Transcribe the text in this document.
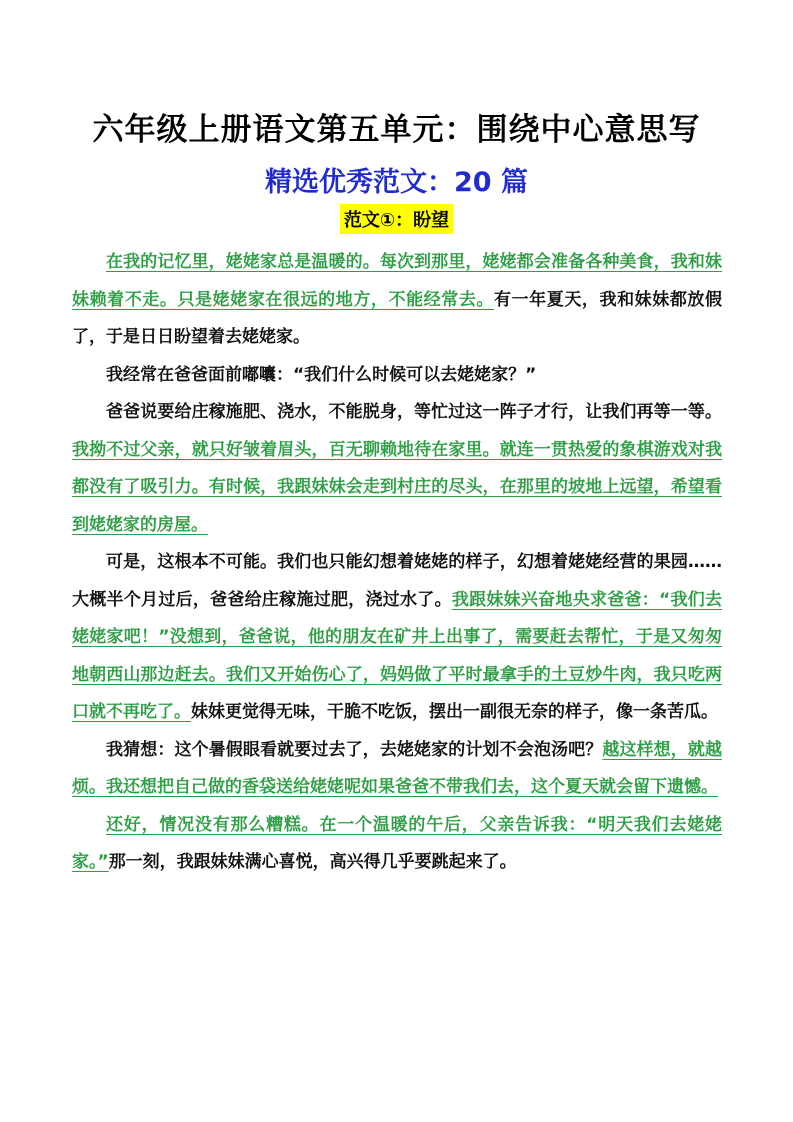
六年级上册语文第五单元：围绕中心意思写
精选优秀范文：20 篇
范文①：盼望

在我的记忆里，姥姥家总是温暖的。每次到那里，姥姥都会准备各种美食，我和妹妹赖着不走。只是姥姥家在很远的地方，不能经常去。有一年夏天，我和妹妹都放假了，于是日日盼望着去姥姥家。

我经常在爸爸面前嘟囔：“我们什么时候可以去姥姥家？”

爸爸说要给庄稼施肥、浇水，不能脱身，等忙过这一阵子才行，让我们再等一等。我拗不过父亲，就只好皱着眉头，百无聊赖地待在家里。就连一贯热爱的象棋游戏对我都没有了吸引力。有时候，我跟妹妹会走到村庄的尽头，在那里的坡地上远望，希望看到姥姥家的房屋。

可是，这根本不可能。我们也只能幻想着姥姥的样子，幻想着姥姥经营的果园……大概半个月过后，爸爸给庄稼施过肥，浇过水了。我跟妹妹兴奋地央求爸爸：“我们去姥姥家吧！”没想到，爸爸说，他的朋友在矿井上出事了，需要赶去帮忙，于是又匆匆地朝西山那边赶去。我们又开始伤心了，妈妈做了平时最拿手的土豆炒牛肉，我只吃两口就不再吃了。妹妹更觉得无味，干脆不吃饭，摆出一副很无奈的样子，像一条苦瓜。

我猜想：这个暑假眼看就要过去了，去姥姥家的计划不会泡汤吧？越这样想，就越烦。我还想把自己做的香袋送给姥姥呢如果爸爸不带我们去，这个夏天就会留下遗憾。

还好，情况没有那么糟糕。在一个温暖的午后，父亲告诉我：“明天我们去姥姥家。”那一刻，我跟妹妹满心喜悦，高兴得几乎要跳起来了。
